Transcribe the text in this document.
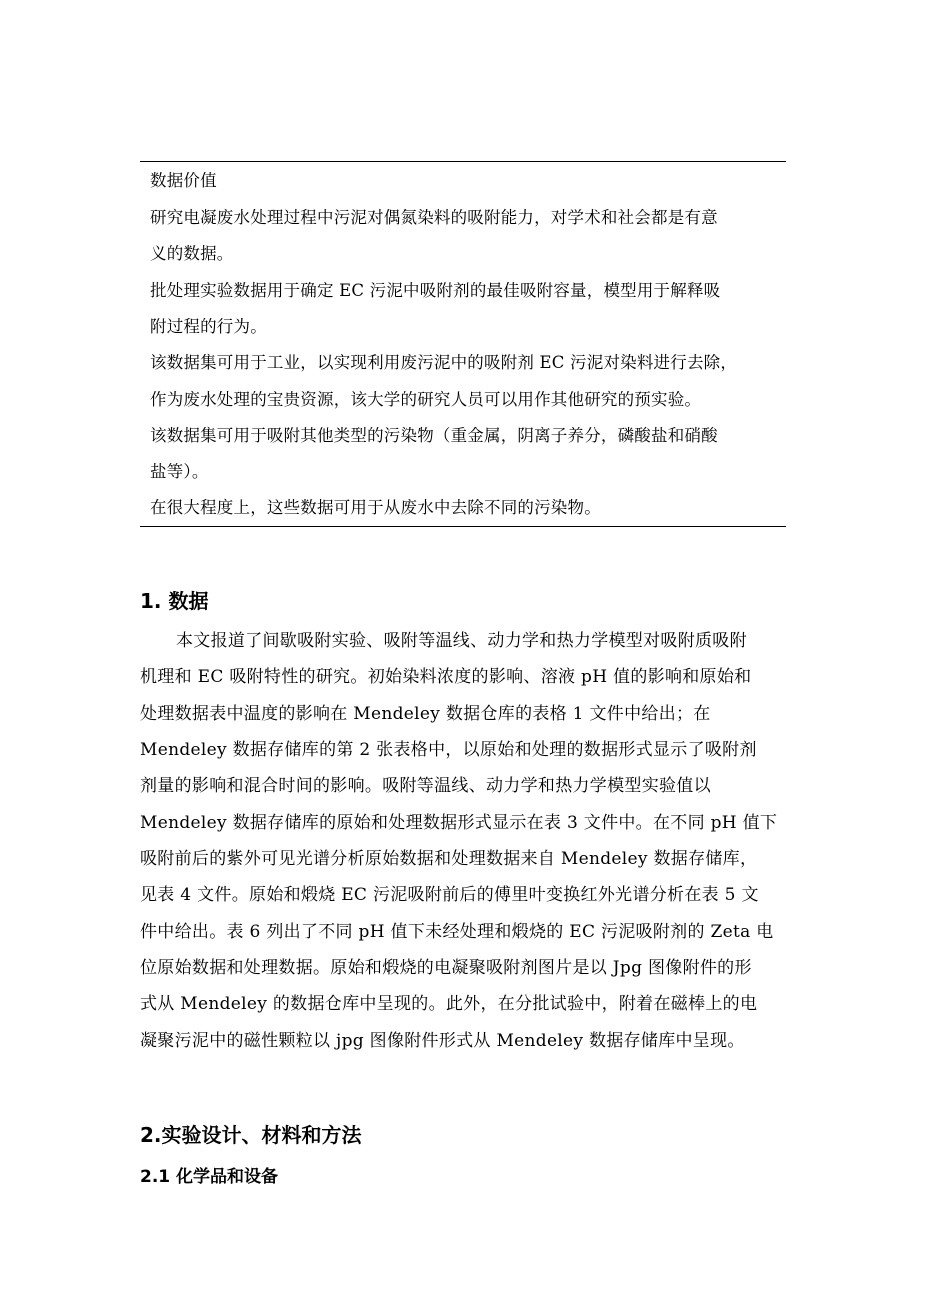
数据价值
研究电凝废水处理过程中污泥对偶氮染料的吸附能力，对学术和社会都是有意
义的数据。
批处理实验数据用于确定 EC 污泥中吸附剂的最佳吸附容量，模型用于解释吸
附过程的行为。
该数据集可用于工业，以实现利用废污泥中的吸附剂 EC 污泥对染料进行去除，
作为废水处理的宝贵资源，该大学的研究人员可以用作其他研究的预实验。
该数据集可用于吸附其他类型的污染物（重金属，阴离子养分，磷酸盐和硝酸
盐等）。
在很大程度上，这些数据可用于从废水中去除不同的污染物。
1. 数据
本文报道了间歇吸附实验、吸附等温线、动力学和热力学模型对吸附质吸附
机理和 EC 吸附特性的研究。初始染料浓度的影响、溶液 pH 值的影响和原始和
处理数据表中温度的影响在 Mendeley 数据仓库的表格 1 文件中给出；在
Mendeley 数据存储库的第 2 张表格中，以原始和处理的数据形式显示了吸附剂
剂量的影响和混合时间的影响。吸附等温线、动力学和热力学模型实验值以
Mendeley 数据存储库的原始和处理数据形式显示在表 3 文件中。在不同 pH 值下
吸附前后的紫外可见光谱分析原始数据和处理数据来自 Mendeley 数据存储库，
见表 4 文件。原始和煅烧 EC 污泥吸附前后的傅里叶变换红外光谱分析在表 5 文
件中给出。表 6 列出了不同 pH 值下未经处理和煅烧的 EC 污泥吸附剂的 Zeta 电
位原始数据和处理数据。原始和煅烧的电凝聚吸附剂图片是以 Jpg 图像附件的形
式从 Mendeley 的数据仓库中呈现的。此外，在分批试验中，附着在磁棒上的电
凝聚污泥中的磁性颗粒以 jpg 图像附件形式从 Mendeley 数据存储库中呈现。
2.实验设计、材料和方法
2.1 化学品和设备
